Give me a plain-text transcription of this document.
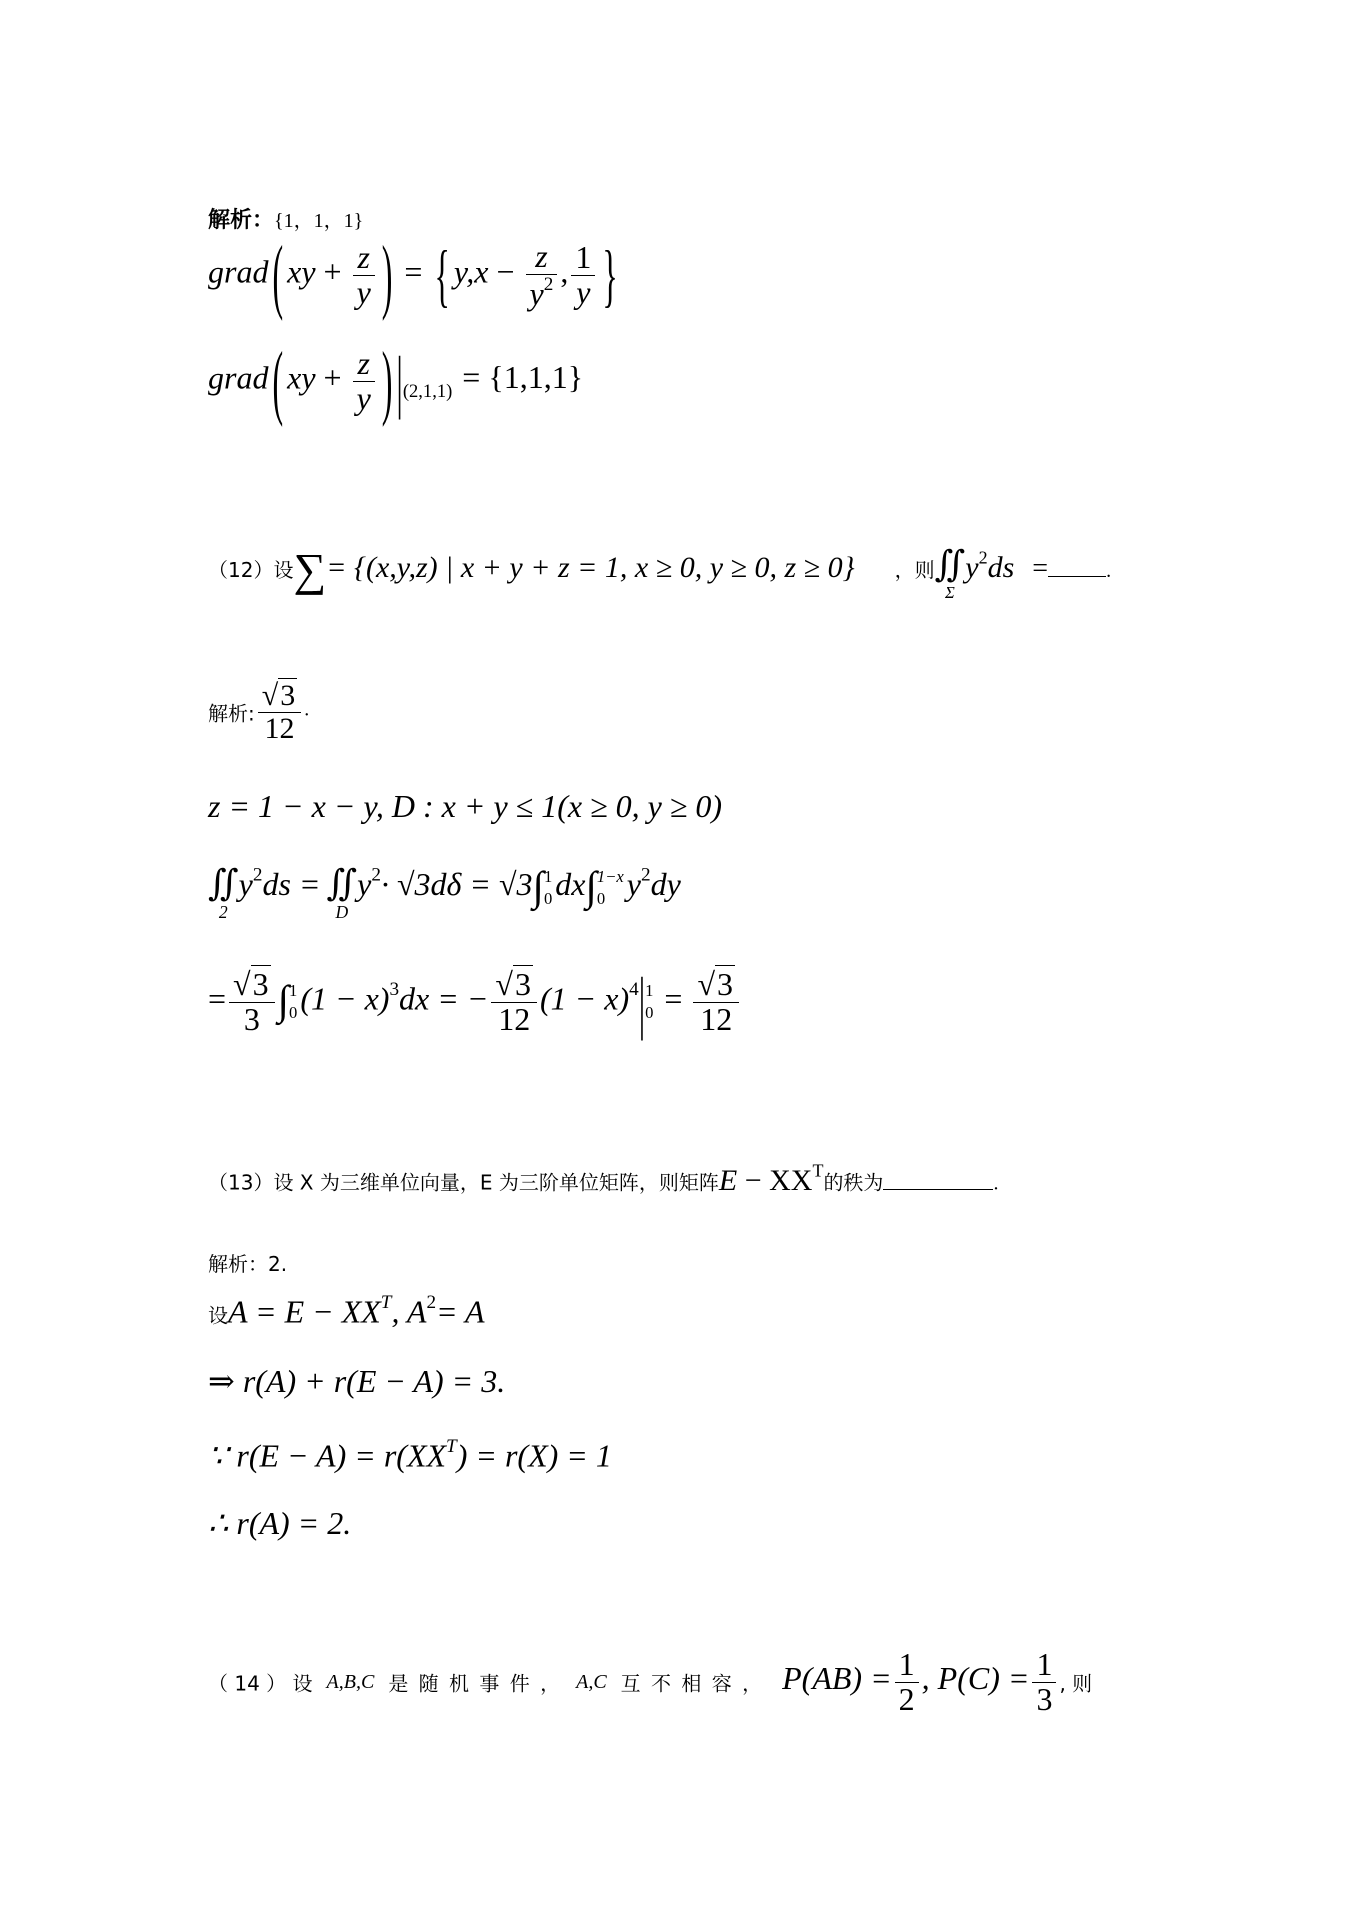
解析：{1，1，1}
grad ( xy + $\frac{z}{y}$ ) = { $y,x - \frac{z}{y^2}$ , $\frac{1}{y}$ }
grad ( xy + $\frac{z}{y}$ ) $|_{(2,1,1)} = \{1,1,1\}$
（12）设∑= {(x,y,z) | x + y + z = 1, x ≥ 0, y ≥ 0, z ≥ 0} ，则∬
Σ
$y^2ds$ =	.
解析: $\frac{√3}{12}$ .
z = 1 − x − y, D : x + y ≤ 1(x ≥ 0, y ≥ 0)
∬
2
$y^2ds$ = ∬
D
$y^2\cdot √3d\delta = √3\int$ 1
0 dx∫ 1−x
0 $y^2dy$
= $\frac{√3}{3}$ ∫ 1
0 $(1 - x)^3dx$ = − $\frac{√3}{12} (1 - x)^4|$ 1
$0 = \frac{√3}{12}$
（13）设 X 为三维单位向量，E 为三阶单位矩阵，则矩阵$E - XX^T$的秩为	.
解析：2.
设$A = E - XX^T$, $A^2= A$
⇒ r(A) + r(E − A) = 3.
∵ $r(E - A) = r(XX^T) = r(X) = 1$
∴ r(A) = 2.
（ 14 ） 设 A,B,C 是 随 机 事 件 ， A,C 互 不 相 容 ， $P(AB) = \frac{1}{2}$ , $P(C) = \frac{1}{3}$ , 则
